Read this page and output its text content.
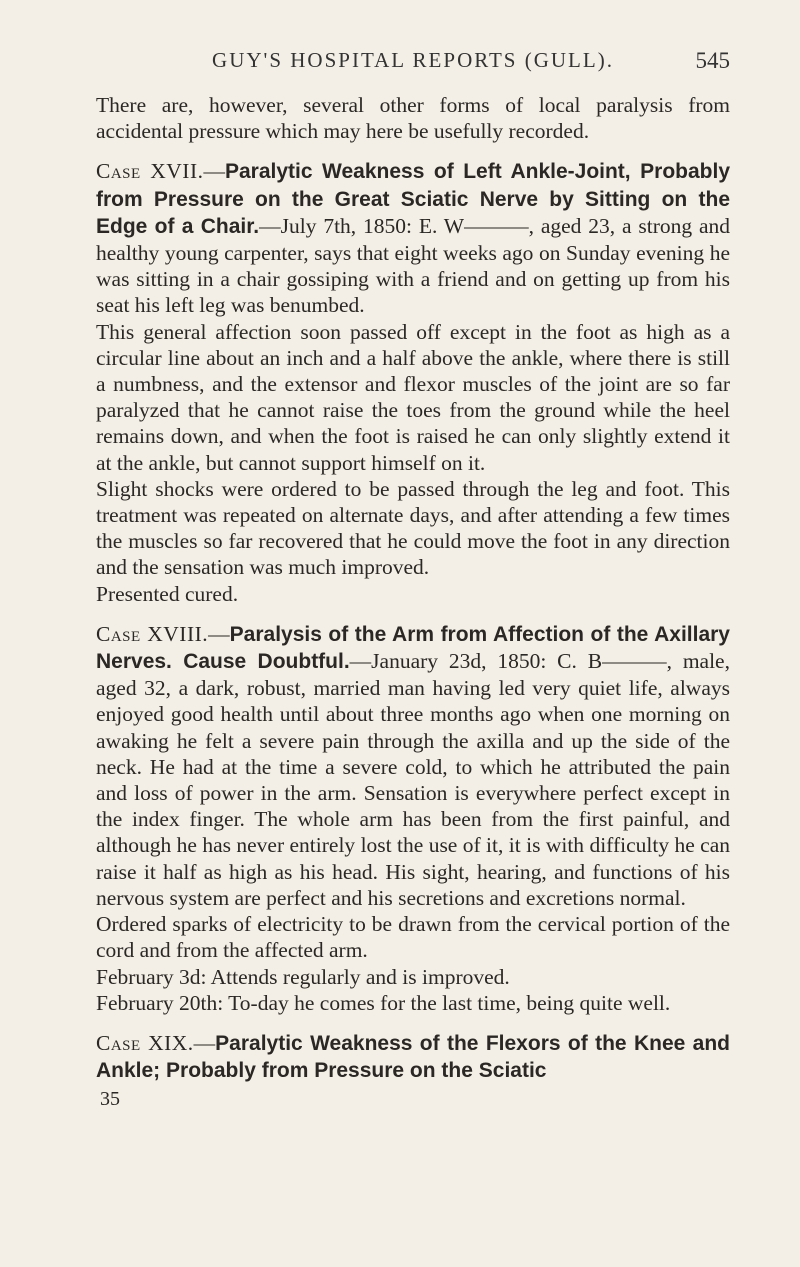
GUY'S HOSPITAL REPORTS (GULL).	545

There are, however, several other forms of local paralysis from accidental pressure which may here be usefully recorded.

Case XVII.—Paralytic Weakness of Left Ankle-Joint, Probably from Pressure on the Great Sciatic Nerve by Sitting on the Edge of a Chair.—July 7th, 1850: E. W———, aged 23, a strong and healthy young carpenter, says that eight weeks ago on Sunday evening he was sitting in a chair gossiping with a friend and on getting up from his seat his left leg was benumbed.

This general affection soon passed off except in the foot as high as a circular line about an inch and a half above the ankle, where there is still a numbness, and the extensor and flexor muscles of the joint are so far paralyzed that he cannot raise the toes from the ground while the heel remains down, and when the foot is raised he can only slightly extend it at the ankle, but cannot support himself on it.

Slight shocks were ordered to be passed through the leg and foot. This treatment was repeated on alternate days, and after attending a few times the muscles so far recovered that he could move the foot in any direction and the sensation was much improved.

Presented cured.

Case XVIII.—Paralysis of the Arm from Affection of the Axillary Nerves. Cause Doubtful.—January 23d, 1850: C. B———, male, aged 32, a dark, robust, married man having led very quiet life, always enjoyed good health until about three months ago when one morning on awaking he felt a severe pain through the axilla and up the side of the neck. He had at the time a severe cold, to which he attributed the pain and loss of power in the arm. Sensation is everywhere perfect except in the index finger. The whole arm has been from the first painful, and although he has never entirely lost the use of it, it is with difficulty he can raise it half as high as his head. His sight, hearing, and functions of his nervous system are perfect and his secretions and excretions normal.

Ordered sparks of electricity to be drawn from the cervical portion of the cord and from the affected arm.

February 3d: Attends regularly and is improved.

February 20th: To-day he comes for the last time, being quite well.

Case XIX.—Paralytic Weakness of the Flexors of the Knee and Ankle; Probably from Pressure on the Sciatic

35
